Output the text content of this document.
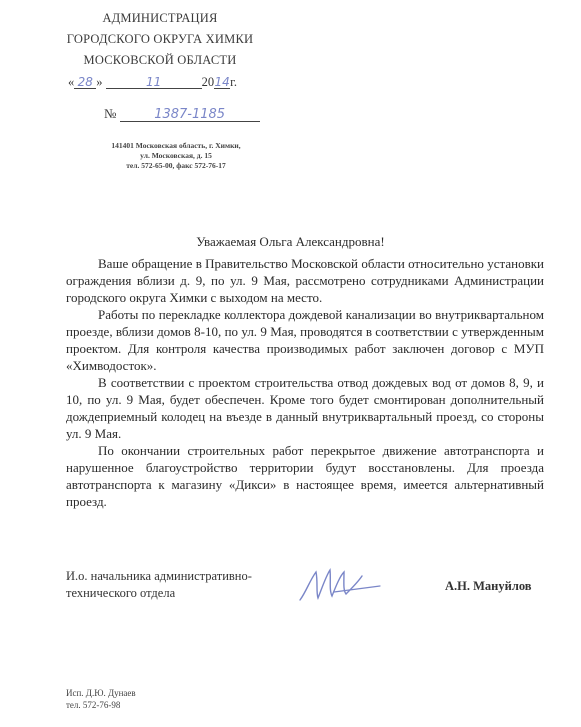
АДМИНИСТРАЦИЯ
ГОРОДСКОГО ОКРУГА ХИМКИ
МОСКОВСКОЙ ОБЛАСТИ
« 28 »	11	2014г.
№	1387-1185
141401 Московская область, г. Химки,
ул. Московская, д. 15
тел. 572-65-00, факс 572-76-17
Уважаемая Ольга Александровна!

Ваше обращение в Правительство Московской области относительно установки ограждения вблизи д. 9, по ул. 9 Мая, рассмотрено сотрудниками Администрации городского округа Химки с выходом на место.

Работы по перекладке коллектора дождевой канализации во внутриквартальном проезде, вблизи домов 8-10, по ул. 9 Мая, проводятся в соответствии с утвержденным проектом. Для контроля качества производимых работ заключен договор с МУП «Химводосток».

В соответствии с проектом строительства отвод дождевых вод от домов 8, 9, и 10, по ул. 9 Мая, будет обеспечен. Кроме того будет смонтирован дополнительный дождеприемный колодец на въезде в данный внутриквартальный проезд, со стороны ул. 9 Мая.

По окончании строительных работ перекрытое движение автотранспорта и нарушенное благоустройство территории будут восстановлены. Для проезда автотранспорта к магазину «Дикси» в настоящее время, имеется альтернативный проезд.

И.о. начальника административно-
технического отдела	А.Н. Мануйлов
Исп. Д.Ю. Дунаев
тел. 572-76-98
